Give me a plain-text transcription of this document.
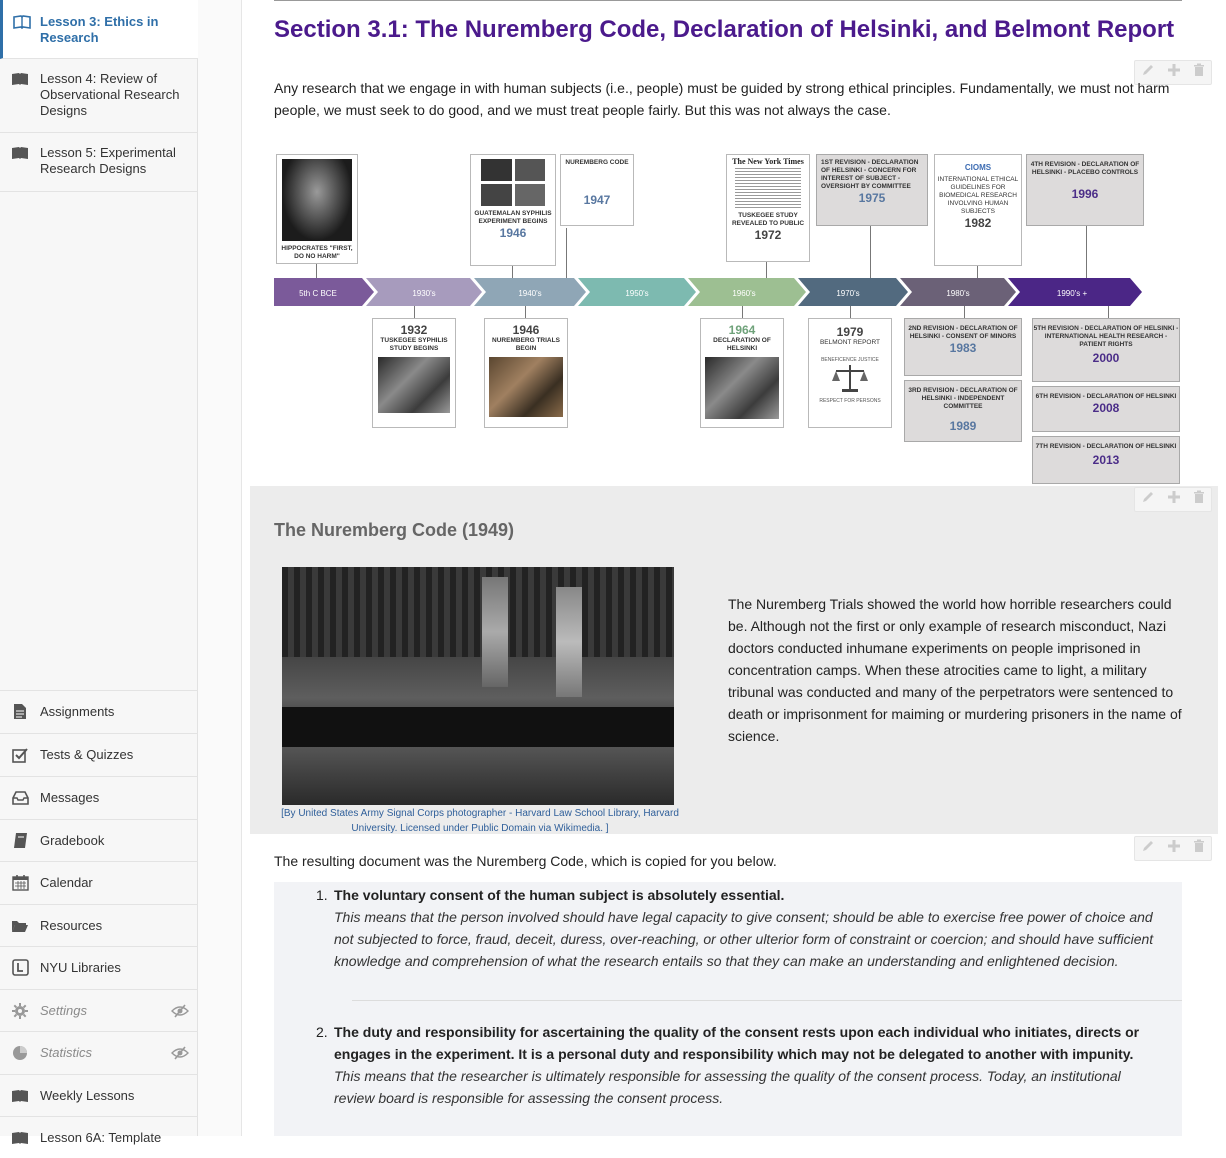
Lesson 3: Ethics in Research
Lesson 4: Review of Observational Research Designs
Lesson 5: Experimental Research Designs
Assignments
Tests & Quizzes
Messages
Gradebook
Calendar
Resources
NYU Libraries
Settings
Statistics
Weekly Lessons
Lesson 6A: Template
Section 3.1: The Nuremberg Code, Declaration of Helsinki, and Belmont Report

Any research that we engage in with human subjects (i.e., people) must be guided by strong ethical principles. Fundamentally, we must not harm people, we must seek to do good, and we must treat people fairly. But this was not always the case.

HIPPOCRATES "FIRST, DO NO HARM"
GUATEMALAN SYPHILIS EXPERIMENT BEGINS
1946
NUREMBERG CODE
1947
The New York Times
TUSKEGEE STUDY REVEALED TO PUBLIC
1972
1ST REVISION - DECLARATION OF HELSINKI - CONCERN FOR INTEREST OF SUBJECT - OVERSIGHT BY COMMITTEE
1975
CIOMS
INTERNATIONAL ETHICAL GUIDELINES FOR BIOMEDICAL RESEARCH INVOLVING HUMAN SUBJECTS
1982
4TH REVISION - DECLARATION OF HELSINKI - PLACEBO CONTROLS
1996
5th C BCE	1930's	1940's	1950's	1960's	1970's	1980's	1990's +
1932
TUSKEGEE SYPHILIS STUDY BEGINS
1946
NUREMBERG TRIALS BEGIN
1964
DECLARATION OF HELSINKI
1979
BELMONT REPORT
BENEFICENCE JUSTICE
RESPECT FOR PERSONS
2ND REVISION - DECLARATION OF HELSINKI - CONSENT OF MINORS
1983
3RD REVISION - DECLARATION OF HELSINKI - INDEPENDENT COMMITTEE
1989
5TH REVISION - DECLARATION OF HELSINKI - INTERNATIONAL HEALTH RESEARCH - PATIENT RIGHTS
2000
6TH REVISION - DECLARATION OF HELSINKI
2008
7TH REVISION - DECLARATION OF HELSINKI
2013
The Nuremberg Code (1949)
[By United States Army Signal Corps photographer - Harvard Law School Library, Harvard University. Licensed under Public Domain via Wikimedia. ]

The Nuremberg Trials showed the world how horrible researchers could be. Although not the first or only example of research misconduct, Nazi doctors conducted inhumane experiments on people imprisoned in concentration camps. When these atrocities came to light, a military tribunal was conducted and many of the perpetrators were sentenced to death or imprisonment for maiming or murdering prisoners in the name of science.

The resulting document was the Nuremberg Code, which is copied for you below.

1. The voluntary consent of the human subject is absolutely essential.
This means that the person involved should have legal capacity to give consent; should be able to exercise free power of choice and not subjected to force, fraud, deceit, duress, over-reaching, or other ulterior form of constraint or coercion; and should have sufficient knowledge and comprehension of what the research entails so that they can make an understanding and enlightened decision.
2. The duty and responsibility for ascertaining the quality of the consent rests upon each individual who initiates, directs or engages in the experiment. It is a personal duty and responsibility which may not be delegated to another with impunity.
This means that the researcher is ultimately responsible for assessing the quality of the consent process. Today, an institutional review board is responsible for assessing the consent process.
